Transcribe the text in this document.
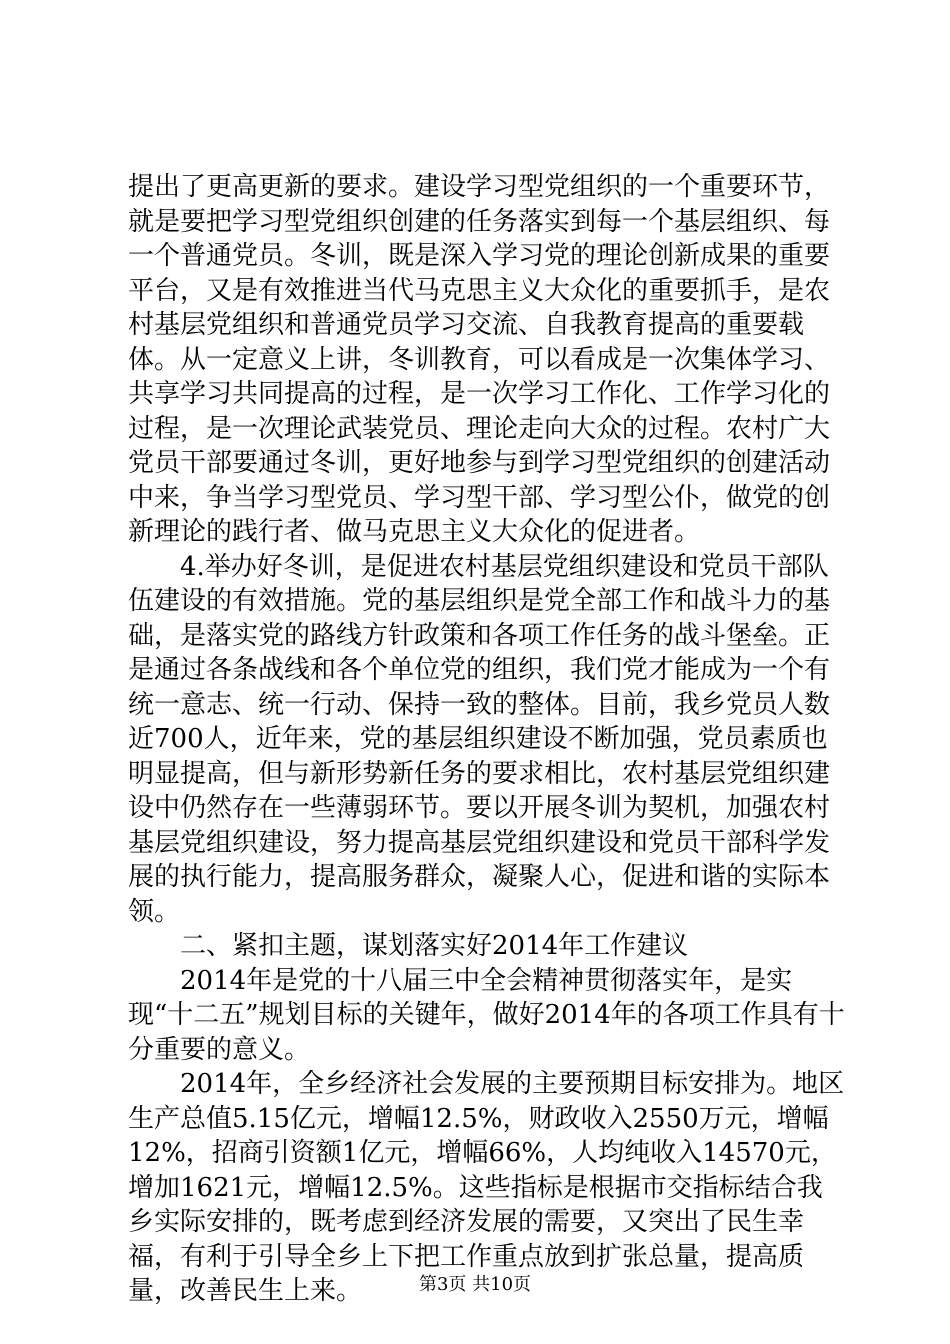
提出了更高更新的要求。建设学习型党组织的一个重要环节，就是要把学习型党组织创建的任务落实到每一个基层组织、每一个普通党员。冬训，既是深入学习党的理论创新成果的重要平台，又是有效推进当代马克思主义大众化的重要抓手，是农村基层党组织和普通党员学习交流、自我教育提高的重要载体。从一定意义上讲，冬训教育，可以看成是一次集体学习、共享学习共同提高的过程，是一次学习工作化、工作学习化的过程，是一次理论武装党员、理论走向大众的过程。农村广大党员干部要通过冬训，更好地参与到学习型党组织的创建活动中来，争当学习型党员、学习型干部、学习型公仆，做党的创新理论的践行者、做马克思主义大众化的促进者。

4.举办好冬训，是促进农村基层党组织建设和党员干部队伍建设的有效措施。党的基层组织是党全部工作和战斗力的基础，是落实党的路线方针政策和各项工作任务的战斗堡垒。正是通过各条战线和各个单位党的组织，我们党才能成为一个有统一意志、统一行动、保持一致的整体。目前，我乡党员人数近700人，近年来，党的基层组织建设不断加强，党员素质也明显提高，但与新形势新任务的要求相比，农村基层党组织建设中仍然存在一些薄弱环节。要以开展冬训为契机，加强农村基层党组织建设，努力提高基层党组织建设和党员干部科学发展的执行能力，提高服务群众，凝聚人心，促进和谐的实际本领。

二、紧扣主题，谋划落实好2014年工作建议

2014年是党的十八届三中全会精神贯彻落实年，是实现“十二五”规划目标的关键年，做好2014年的各项工作具有十分重要的意义。

2014年，全乡经济社会发展的主要预期目标安排为。地区生产总值5.15亿元，增幅12.5%，财政收入2550万元，增幅12%，招商引资额1亿元，增幅66%，人均纯收入14570元，增加1621元，增幅12.5%。这些指标是根据市交指标结合我乡实际安排的，既考虑到经济发展的需要，又突出了民生幸福，有利于引导全乡上下把工作重点放到扩张总量，提高质量，改善民生上来。	第3页 共10页
